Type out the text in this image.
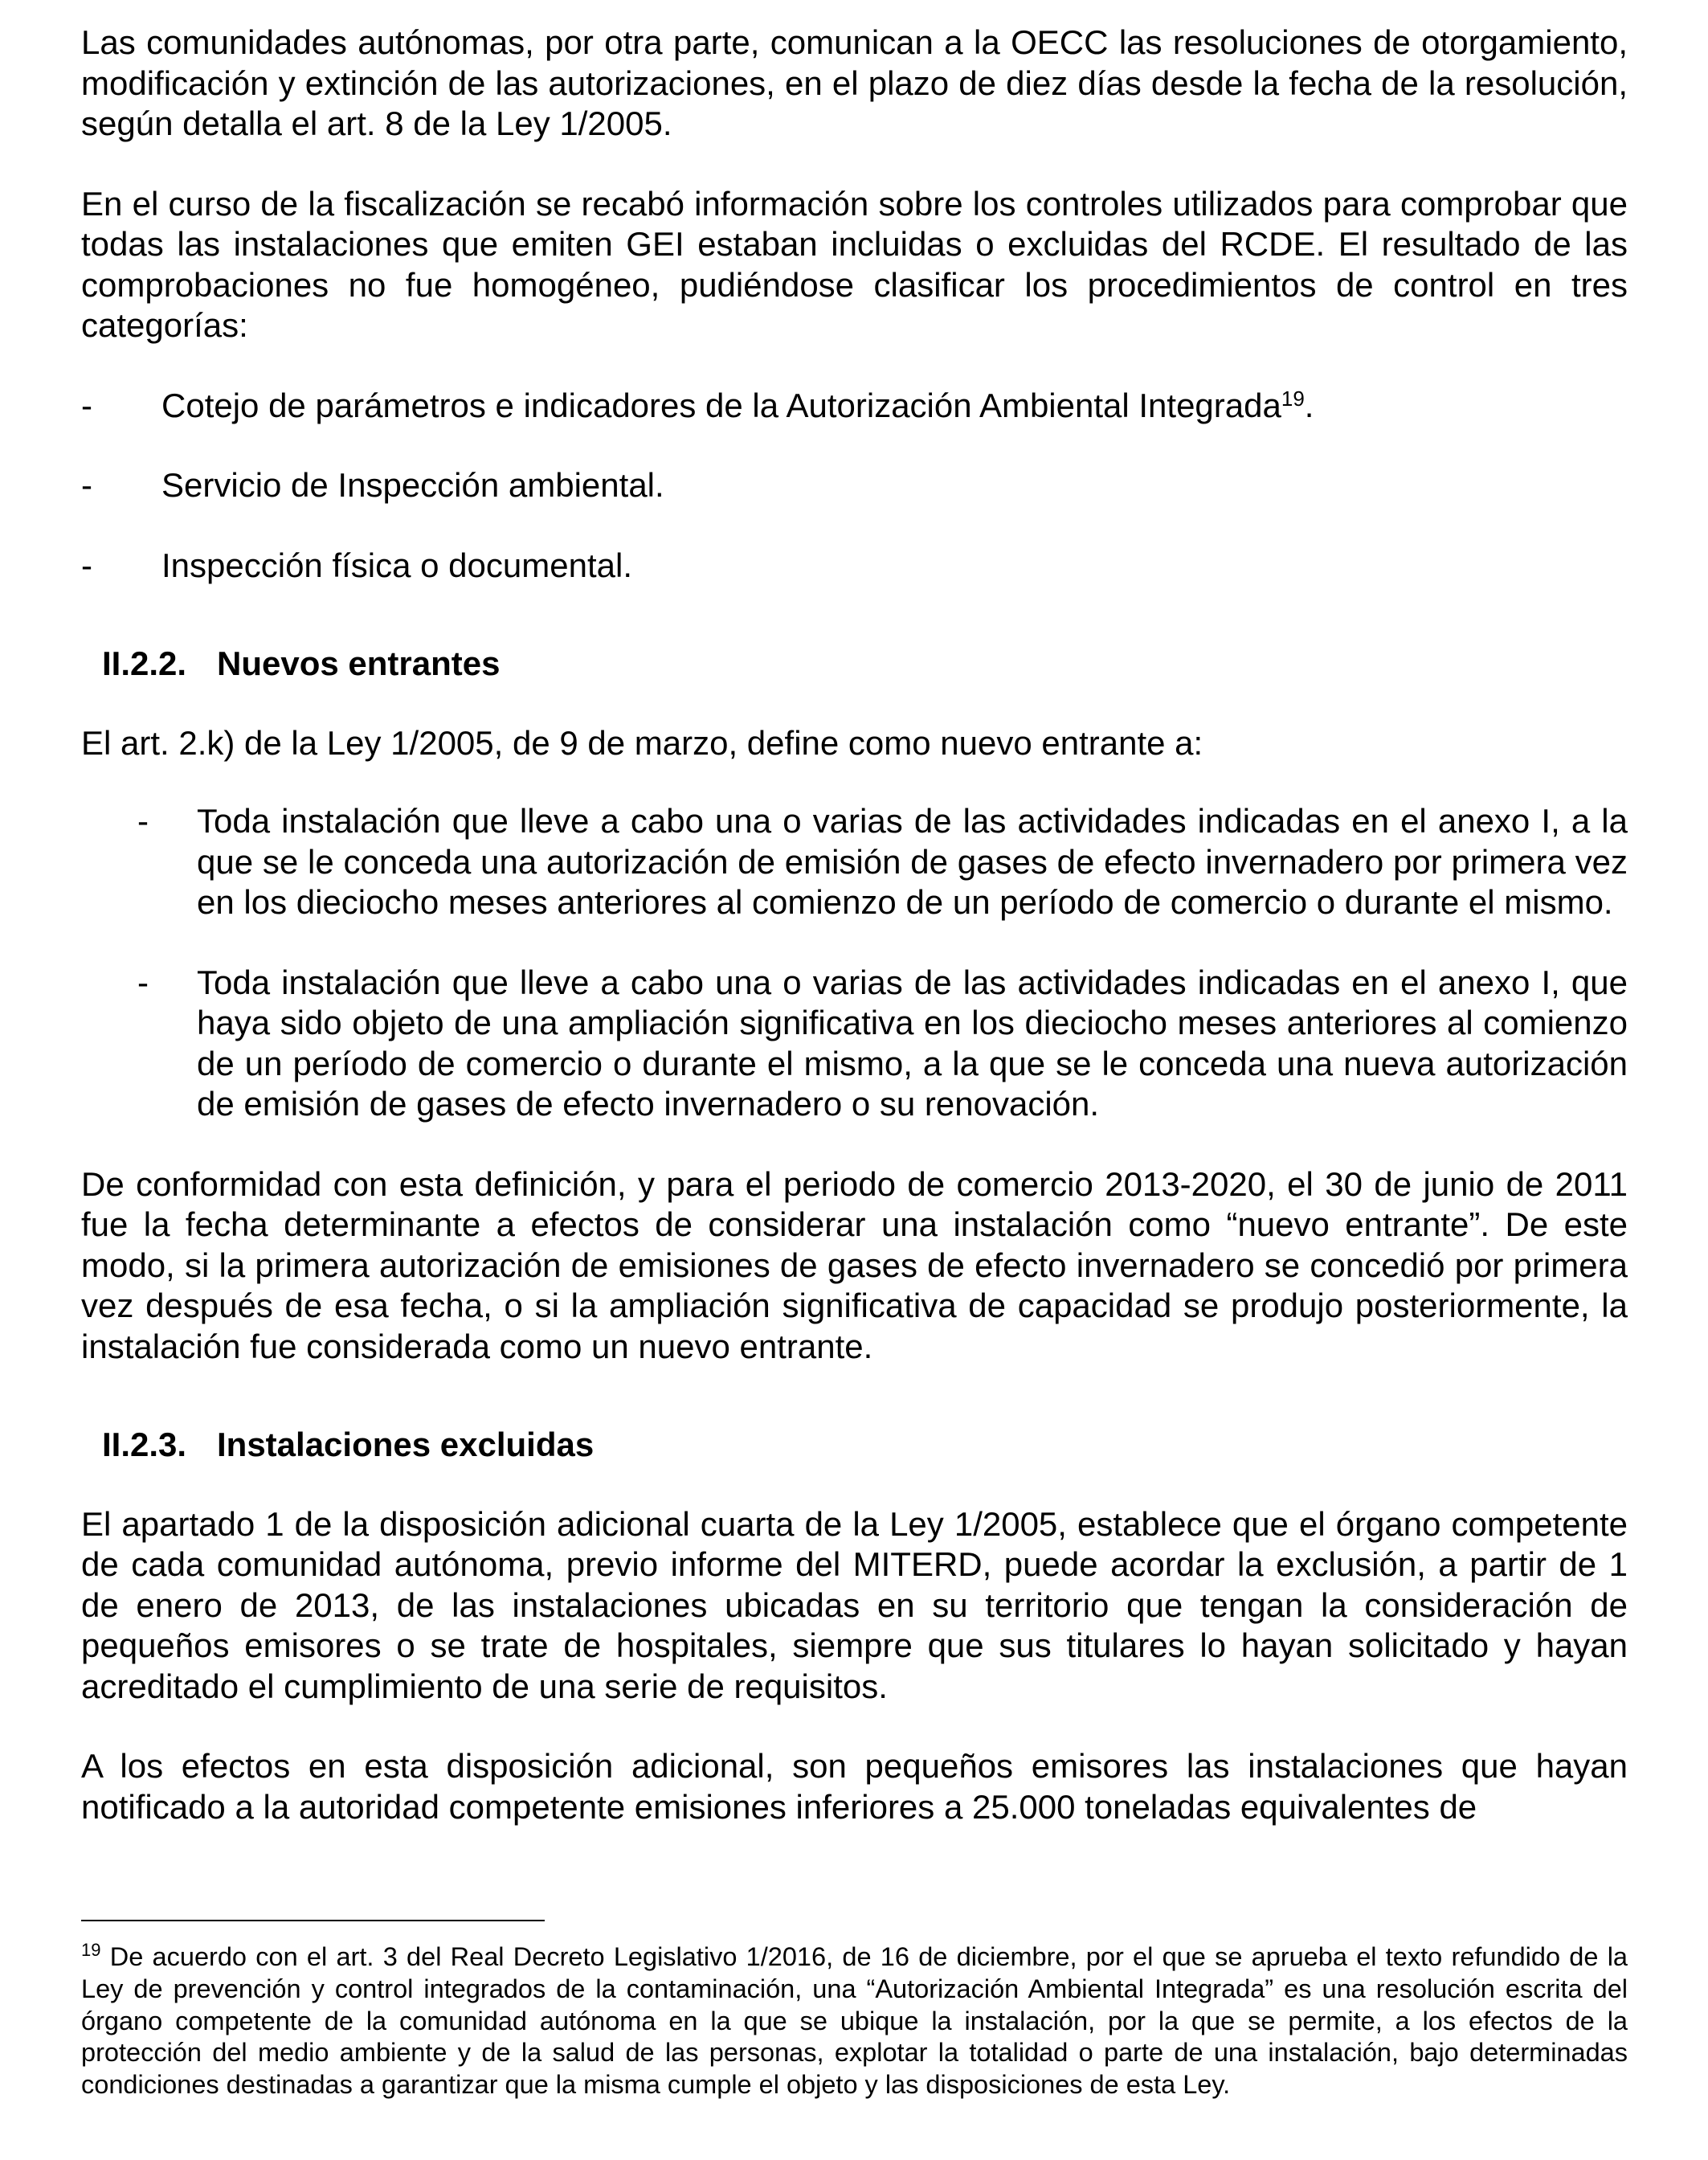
Las comunidades autónomas, por otra parte, comunican a la OECC las resoluciones de otorgamiento, modificación y extinción de las autorizaciones, en el plazo de diez días desde la fecha de la resolución, según detalla el art. 8 de la Ley 1/2005.

En el curso de la fiscalización se recabó información sobre los controles utilizados para comprobar que todas las instalaciones que emiten GEI estaban incluidas o excluidas del RCDE. El resultado de las comprobaciones no fue homogéneo, pudiéndose clasificar los procedimientos de control en tres categorías:

-	Cotejo de parámetros e indicadores de la Autorización Ambiental Integrada$^{19}$.
-	Servicio de Inspección ambiental.
-	Inspección física o documental.
II.2.2. Nuevos entrantes

El art. 2.k) de la Ley 1/2005, de 9 de marzo, define como nuevo entrante a:

-	Toda instalación que lleve a cabo una o varias de las actividades indicadas en el anexo I, a la que se le conceda una autorización de emisión de gases de efecto invernadero por primera vez en los dieciocho meses anteriores al comienzo de un período de comercio o durante el mismo.
-	Toda instalación que lleve a cabo una o varias de las actividades indicadas en el anexo I, que haya sido objeto de una ampliación significativa en los dieciocho meses anteriores al comienzo de un período de comercio o durante el mismo, a la que se le conceda una nueva autorización de emisión de gases de efecto invernadero o su renovación.

De conformidad con esta definición, y para el periodo de comercio 2013-2020, el 30 de junio de 2011 fue la fecha determinante a efectos de considerar una instalación como “nuevo entrante”. De este modo, si la primera autorización de emisiones de gases de efecto invernadero se concedió por primera vez después de esa fecha, o si la ampliación significativa de capacidad se produjo posteriormente, la instalación fue considerada como un nuevo entrante.

II.2.3. Instalaciones excluidas

El apartado 1 de la disposición adicional cuarta de la Ley 1/2005, establece que el órgano competente de cada comunidad autónoma, previo informe del MITERD, puede acordar la exclusión, a partir de 1 de enero de 2013, de las instalaciones ubicadas en su territorio que tengan la consideración de pequeños emisores o se trate de hospitales, siempre que sus titulares lo hayan solicitado y hayan acreditado el cumplimiento de una serie de requisitos.

A los efectos en esta disposición adicional, son pequeños emisores las instalaciones que hayan notificado a la autoridad competente emisiones inferiores a 25.000 toneladas equivalentes de

$^{19}$ De acuerdo con el art. 3 del Real Decreto Legislativo 1/2016, de 16 de diciembre, por el que se aprueba el texto refundido de la Ley de prevención y control integrados de la contaminación, una “Autorización Ambiental Integrada” es una resolución escrita del órgano competente de la comunidad autónoma en la que se ubique la instalación, por la que se permite, a los efectos de la protección del medio ambiente y de la salud de las personas, explotar la totalidad o parte de una instalación, bajo determinadas condiciones destinadas a garantizar que la misma cumple el objeto y las disposiciones de esta Ley.
